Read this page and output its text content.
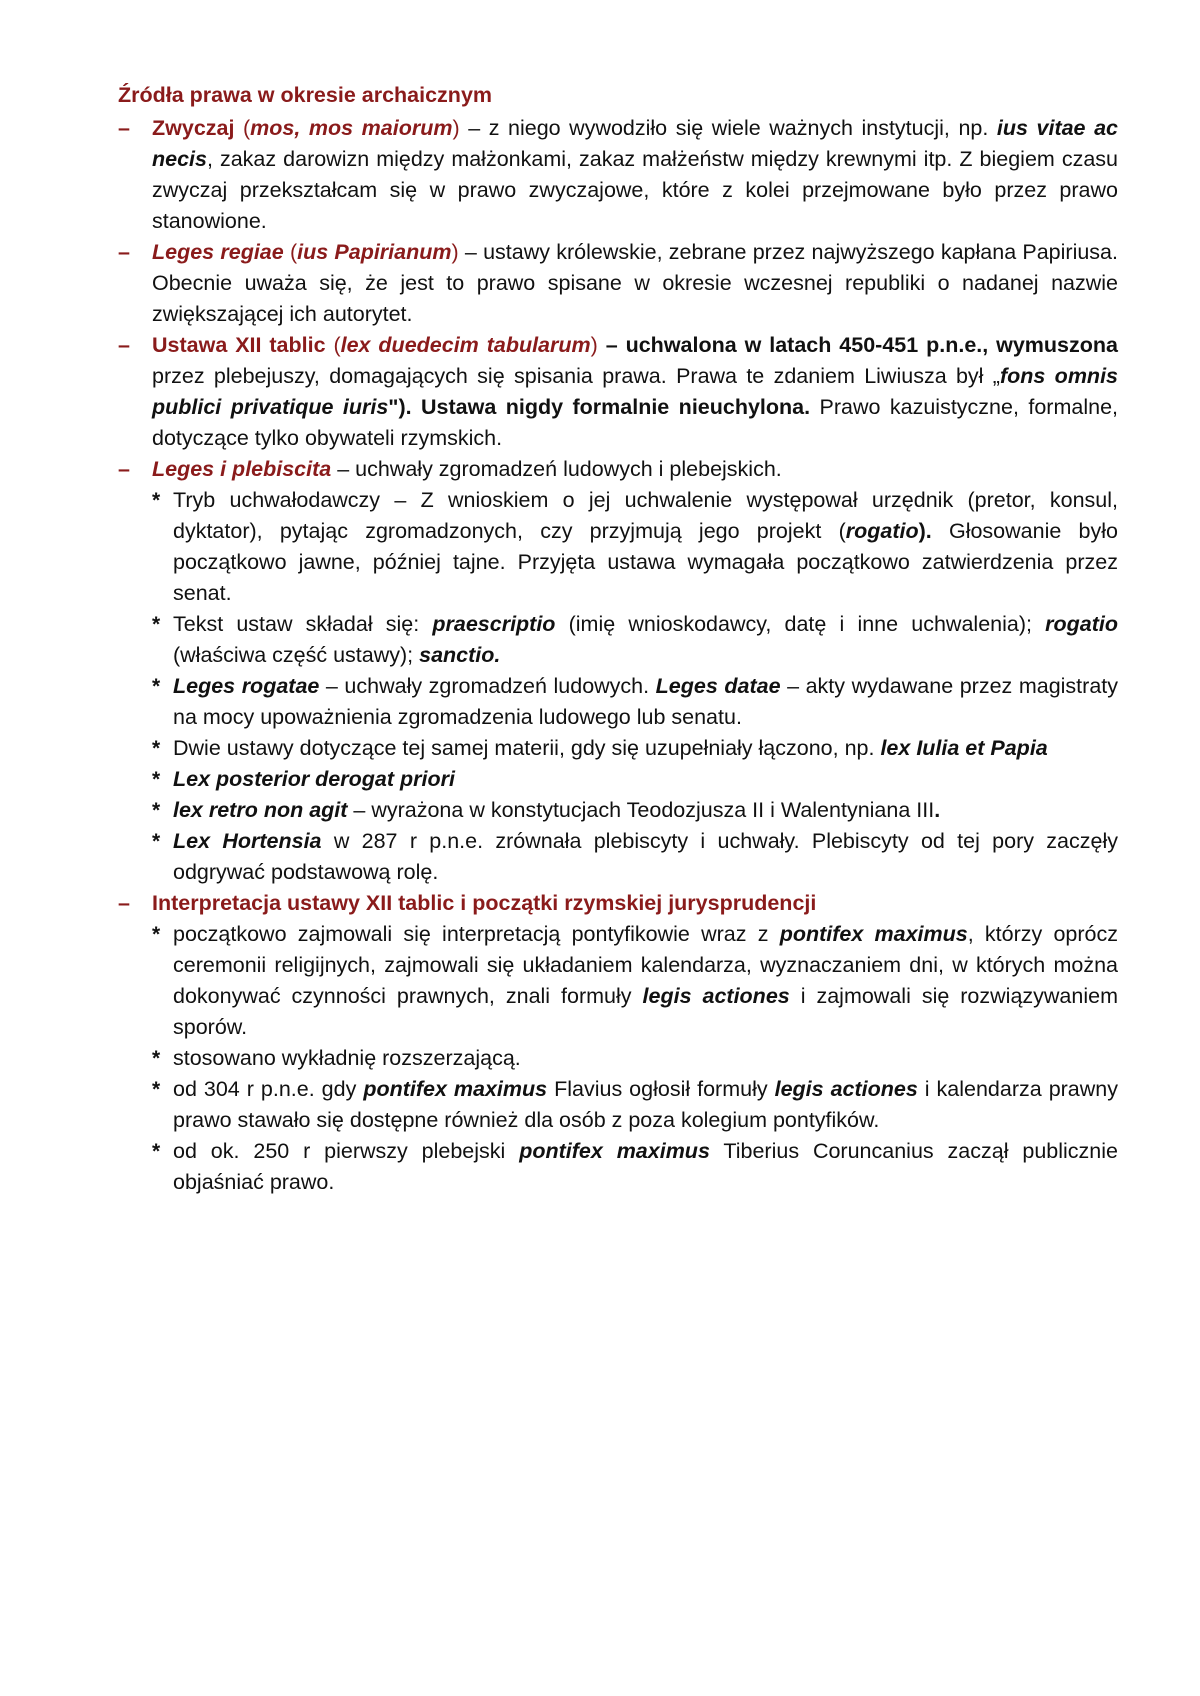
Źródła prawa w okresie archaicznym
–	Zwyczaj (mos, mos maiorum) – z niego wywodziło się wiele ważnych instytucji, np. ius vitae ac necis, zakaz darowizn między małżonkami, zakaz małżeństw między krewnymi itp. Z biegiem czasu zwyczaj przekształcam się w prawo zwyczajowe, które z kolei przejmowane było przez prawo stanowione.

–	Leges regiae (ius Papirianum) – ustawy królewskie, zebrane przez najwyższego kapłana Papiriusa. Obecnie uważa się, że jest to prawo spisane w okresie wczesnej republiki o nadanej nazwie zwiększającej ich autorytet.

–	Ustawa XII tablic (lex duedecim tabularum) – uchwalona w latach 450-451 p.n.e., wymuszona przez plebejuszy, domagających się spisania prawa. Prawa te zdaniem Liwiusza był „fons omnis publici privatique iuris"). Ustawa nigdy formalnie nieuchylona. Prawo kazuistyczne, formalne, dotyczące tylko obywateli rzymskich.

–	Leges i plebiscita – uchwały zgromadzeń ludowych i plebejskich.

* Tryb uchwałodawczy – Z wnioskiem o jej uchwalenie występował urzędnik (pretor, konsul, dyktator), pytając zgromadzonych, czy przyjmują jego projekt (rogatio). Głosowanie było początkowo jawne, później tajne. Przyjęta ustawa wymagała początkowo zatwierdzenia przez senat.
* Tekst ustaw składał się: praescriptio (imię wnioskodawcy, datę i inne uchwalenia); rogatio (właściwa część ustawy); sanctio.
* Leges rogatae – uchwały zgromadzeń ludowych. Leges datae – akty wydawane przez magistraty na mocy upoważnienia zgromadzenia ludowego lub senatu.
* Dwie ustawy dotyczące tej samej materii, gdy się uzupełniały łączono, np. lex Iulia et Papia
* Lex posterior derogat priori
* lex retro non agit – wyrażona w konstytucjach Teodozjusza II i Walentyniana III.
* Lex Hortensia w 287 r p.n.e. zrównała plebiscyty i uchwały. Plebiscyty od tej pory zaczęły odgrywać podstawową rolę.
–	Interpretacja ustawy XII tablic i początki rzymskiej jurysprudencji

* początkowo zajmowali się interpretacją pontyfikowie wraz z pontifex maximus, którzy oprócz ceremonii religijnych, zajmowali się układaniem kalendarza, wyznaczaniem dni, w których można dokonywać czynności prawnych, znali formuły legis actiones i zajmowali się rozwiązywaniem sporów.
* stosowano wykładnię rozszerzającą.
* od 304 r p.n.e. gdy pontifex maximus Flavius ogłosił formuły legis actiones i kalendarza prawny prawo stawało się dostępne również dla osób z poza kolegium pontyfików.
* od ok. 250 r pierwszy plebejski pontifex maximus Tiberius Coruncanius zaczął publicznie objaśniać prawo.
